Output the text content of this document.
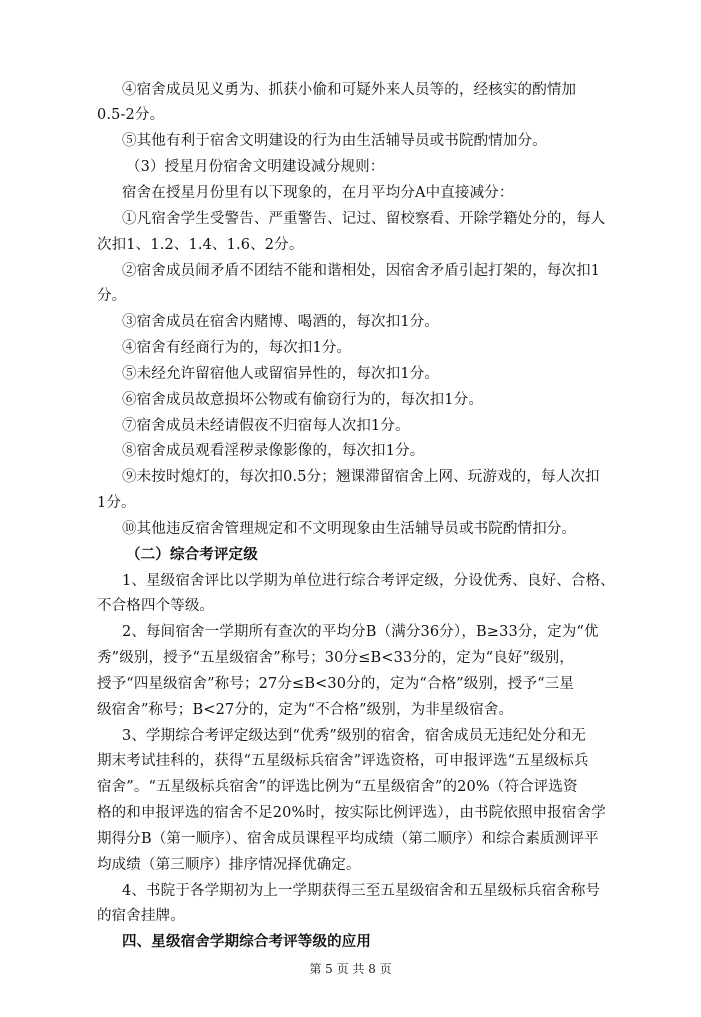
④宿舍成员见义勇为、抓获小偷和可疑外来人员等的，经核实的酌情加
0.5-2分。
⑤其他有利于宿舍文明建设的行为由生活辅导员或书院酌情加分。
（3）授星月份宿舍文明建设减分规则：
宿舍在授星月份里有以下现象的，在月平均分A中直接减分：
①凡宿舍学生受警告、严重警告、记过、留校察看、开除学籍处分的，每人
次扣1、1.2、1.4、1.6、2分。
②宿舍成员闹矛盾不团结不能和谐相处，因宿舍矛盾引起打架的，每次扣1
分。
③宿舍成员在宿舍内赌博、喝酒的，每次扣1分。
④宿舍有经商行为的，每次扣1分。
⑤未经允许留宿他人或留宿异性的，每次扣1分。
⑥宿舍成员故意损坏公物或有偷窃行为的，每次扣1分。
⑦宿舍成员未经请假夜不归宿每人次扣1分。
⑧宿舍成员观看淫秽录像影像的，每次扣1分。
⑨未按时熄灯的，每次扣0.5分；翘课滞留宿舍上网、玩游戏的，每人次扣
1分。
⑩其他违反宿舍管理规定和不文明现象由生活辅导员或书院酌情扣分。
（二）综合考评定级
1、星级宿舍评比以学期为单位进行综合考评定级，分设优秀、良好、合格、
不合格四个等级。
2、每间宿舍一学期所有查次的平均分B（满分36分），B≥33分，定为“优
秀”级别，授予“五星级宿舍”称号；30分≤B<33分的，定为“良好”级别，
授予“四星级宿舍”称号；27分≤B<30分的，定为“合格”级别，授予“三星
级宿舍”称号；B<27分的，定为“不合格”级别，为非星级宿舍。
3、学期综合考评定级达到“优秀”级别的宿舍，宿舍成员无违纪处分和无
期末考试挂科的，获得“五星级标兵宿舍”评选资格，可申报评选“五星级标兵
宿舍”。“五星级标兵宿舍”的评选比例为“五星级宿舍”的20%（符合评选资
格的和申报评选的宿舍不足20%时，按实际比例评选），由书院依照申报宿舍学
期得分B（第一顺序）、宿舍成员课程平均成绩（第二顺序）和综合素质测评平
均成绩（第三顺序）排序情况择优确定。
4、书院于各学期初为上一学期获得三至五星级宿舍和五星级标兵宿舍称号
的宿舍挂牌。
四、星级宿舍学期综合考评等级的应用
第 5 页 共 8 页
